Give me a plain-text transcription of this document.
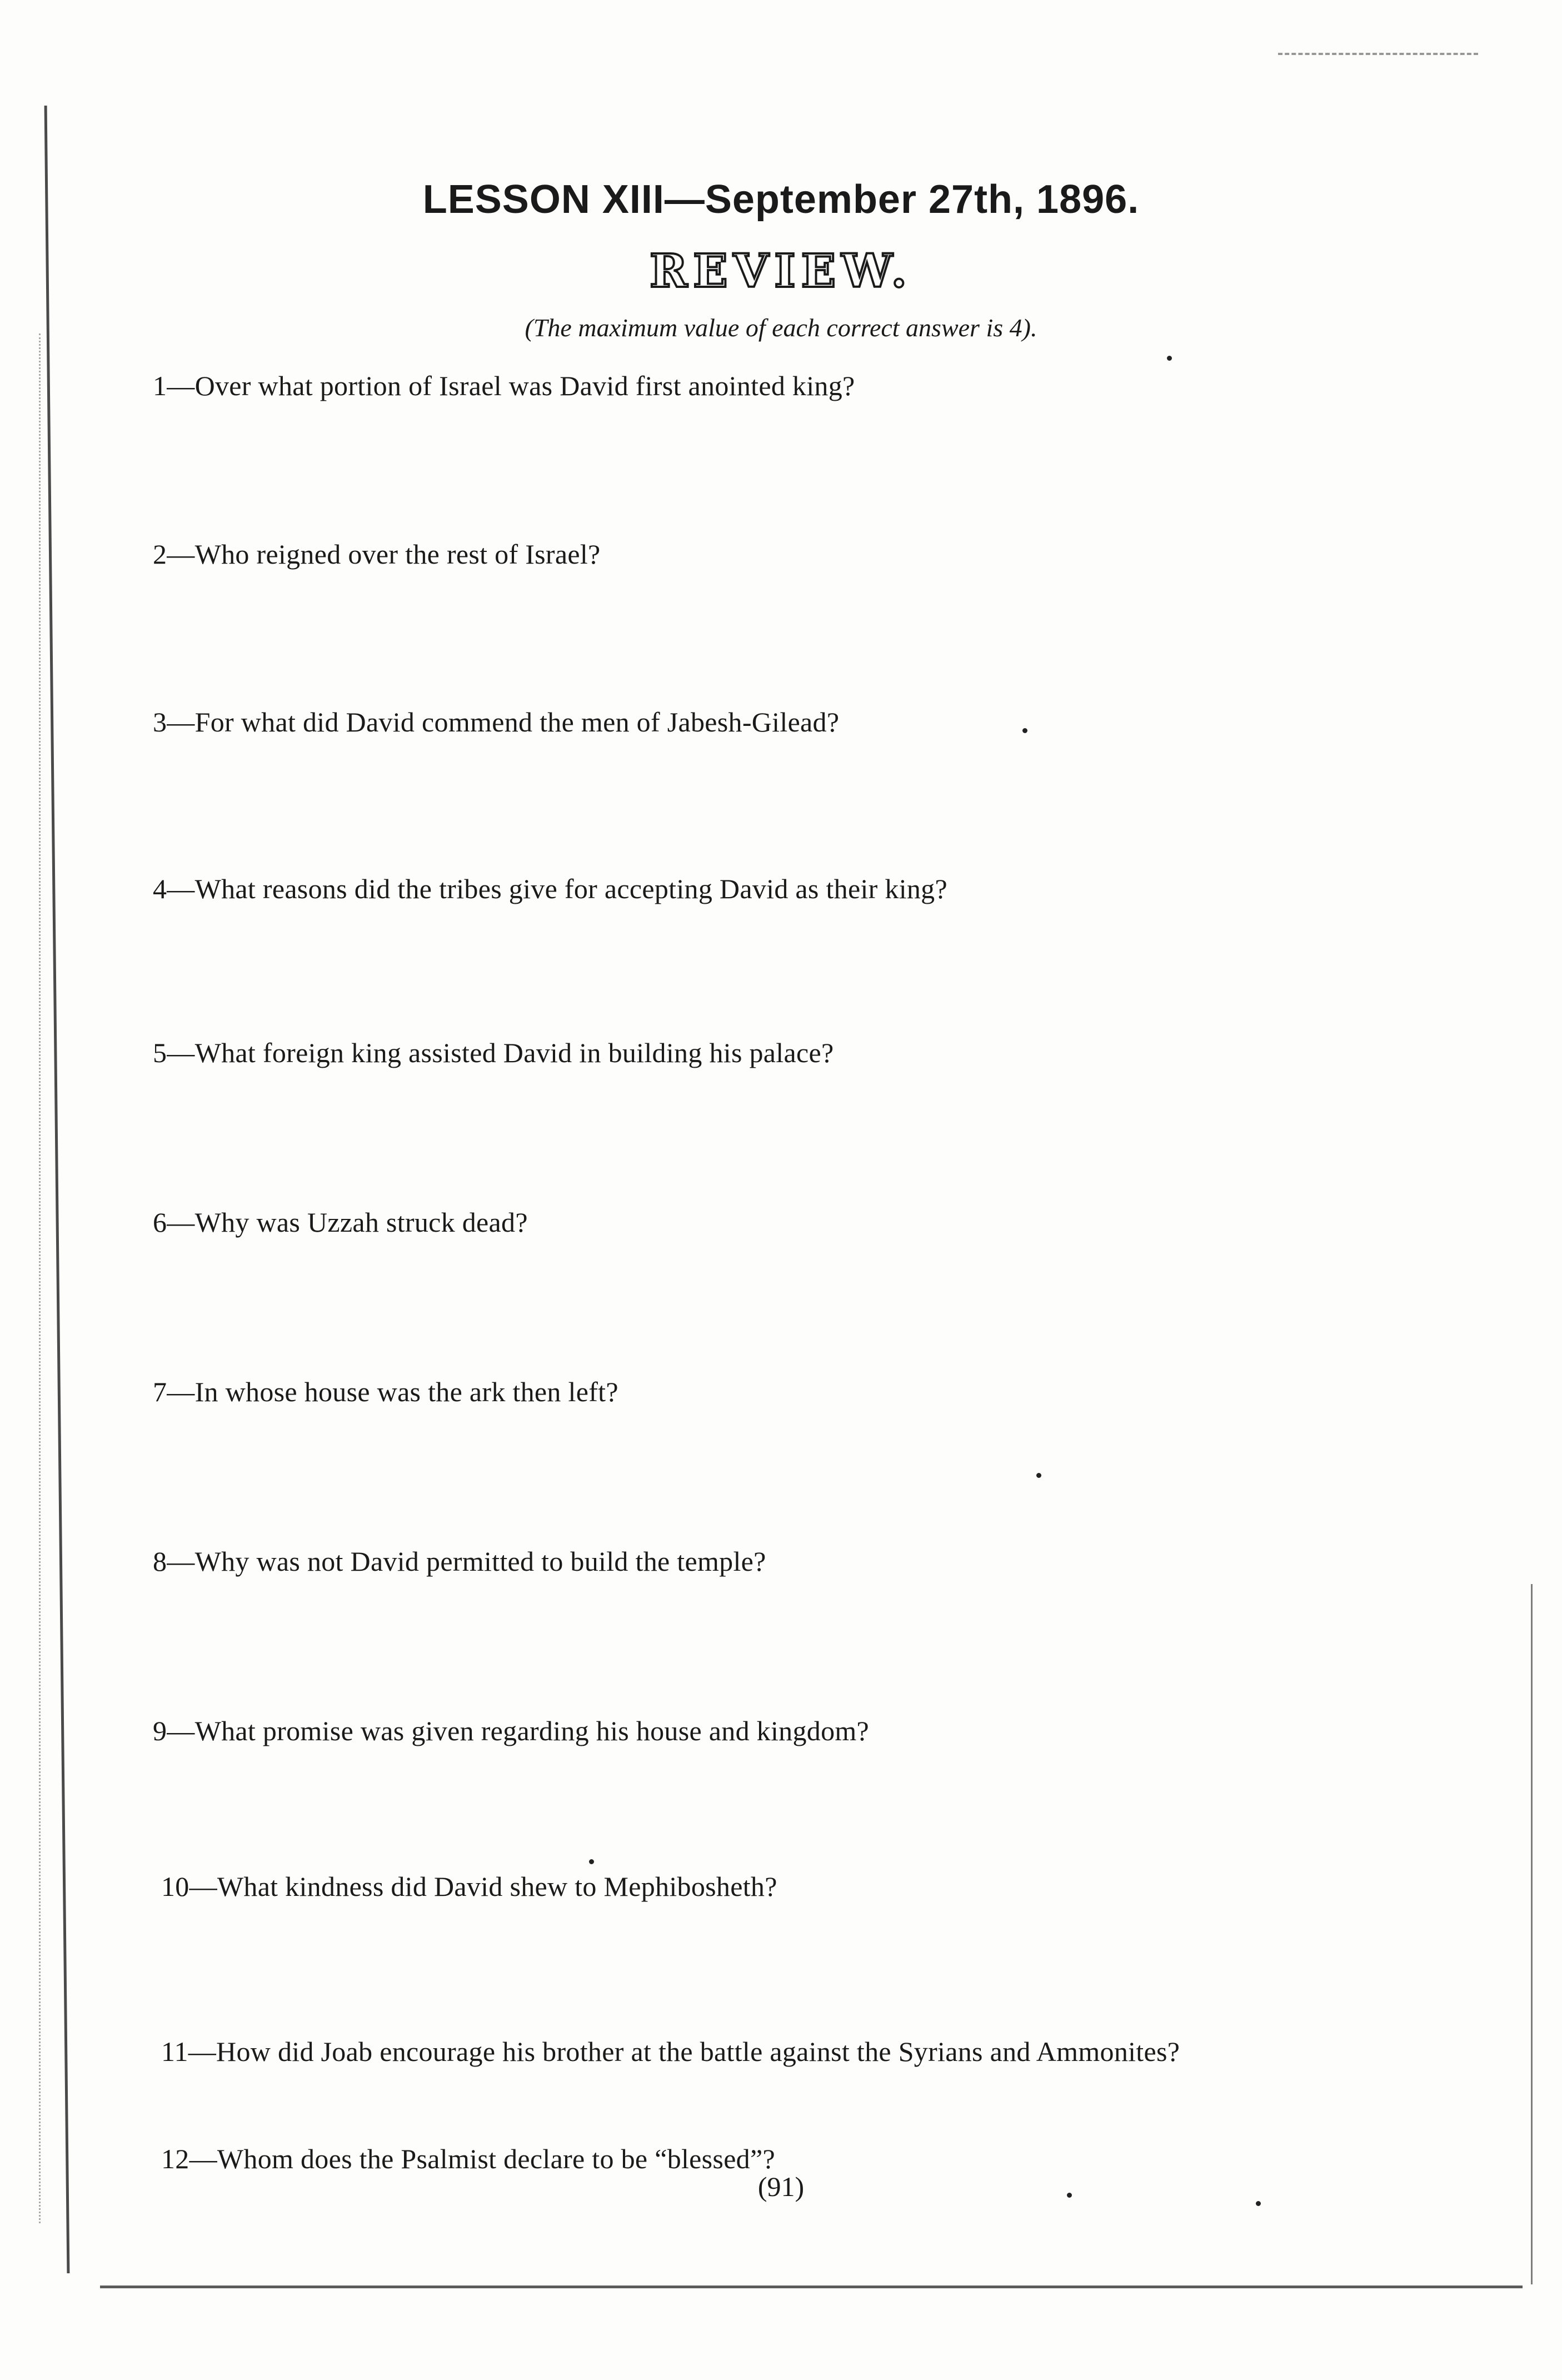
LESSON XIII—September 27th, 1896.
REVIEW.

(The maximum value of each correct answer is 4).

1—Over what portion of Israel was David first anointed king?

2—Who reigned over the rest of Israel?

3—For what did David commend the men of Jabesh-Gilead?

4—What reasons did the tribes give for accepting David as their king?

5—What foreign king assisted David in building his palace?

6—Why was Uzzah struck dead?

7—In whose house was the ark then left?

8—Why was not David permitted to build the temple?

9—What promise was given regarding his house and kingdom?

10—What kindness did David shew to Mephibosheth?

11—How did Joab encourage his brother at the battle against the Syrians and Ammonites?

12—Whom does the Psalmist declare to be “blessed”?

(91)
